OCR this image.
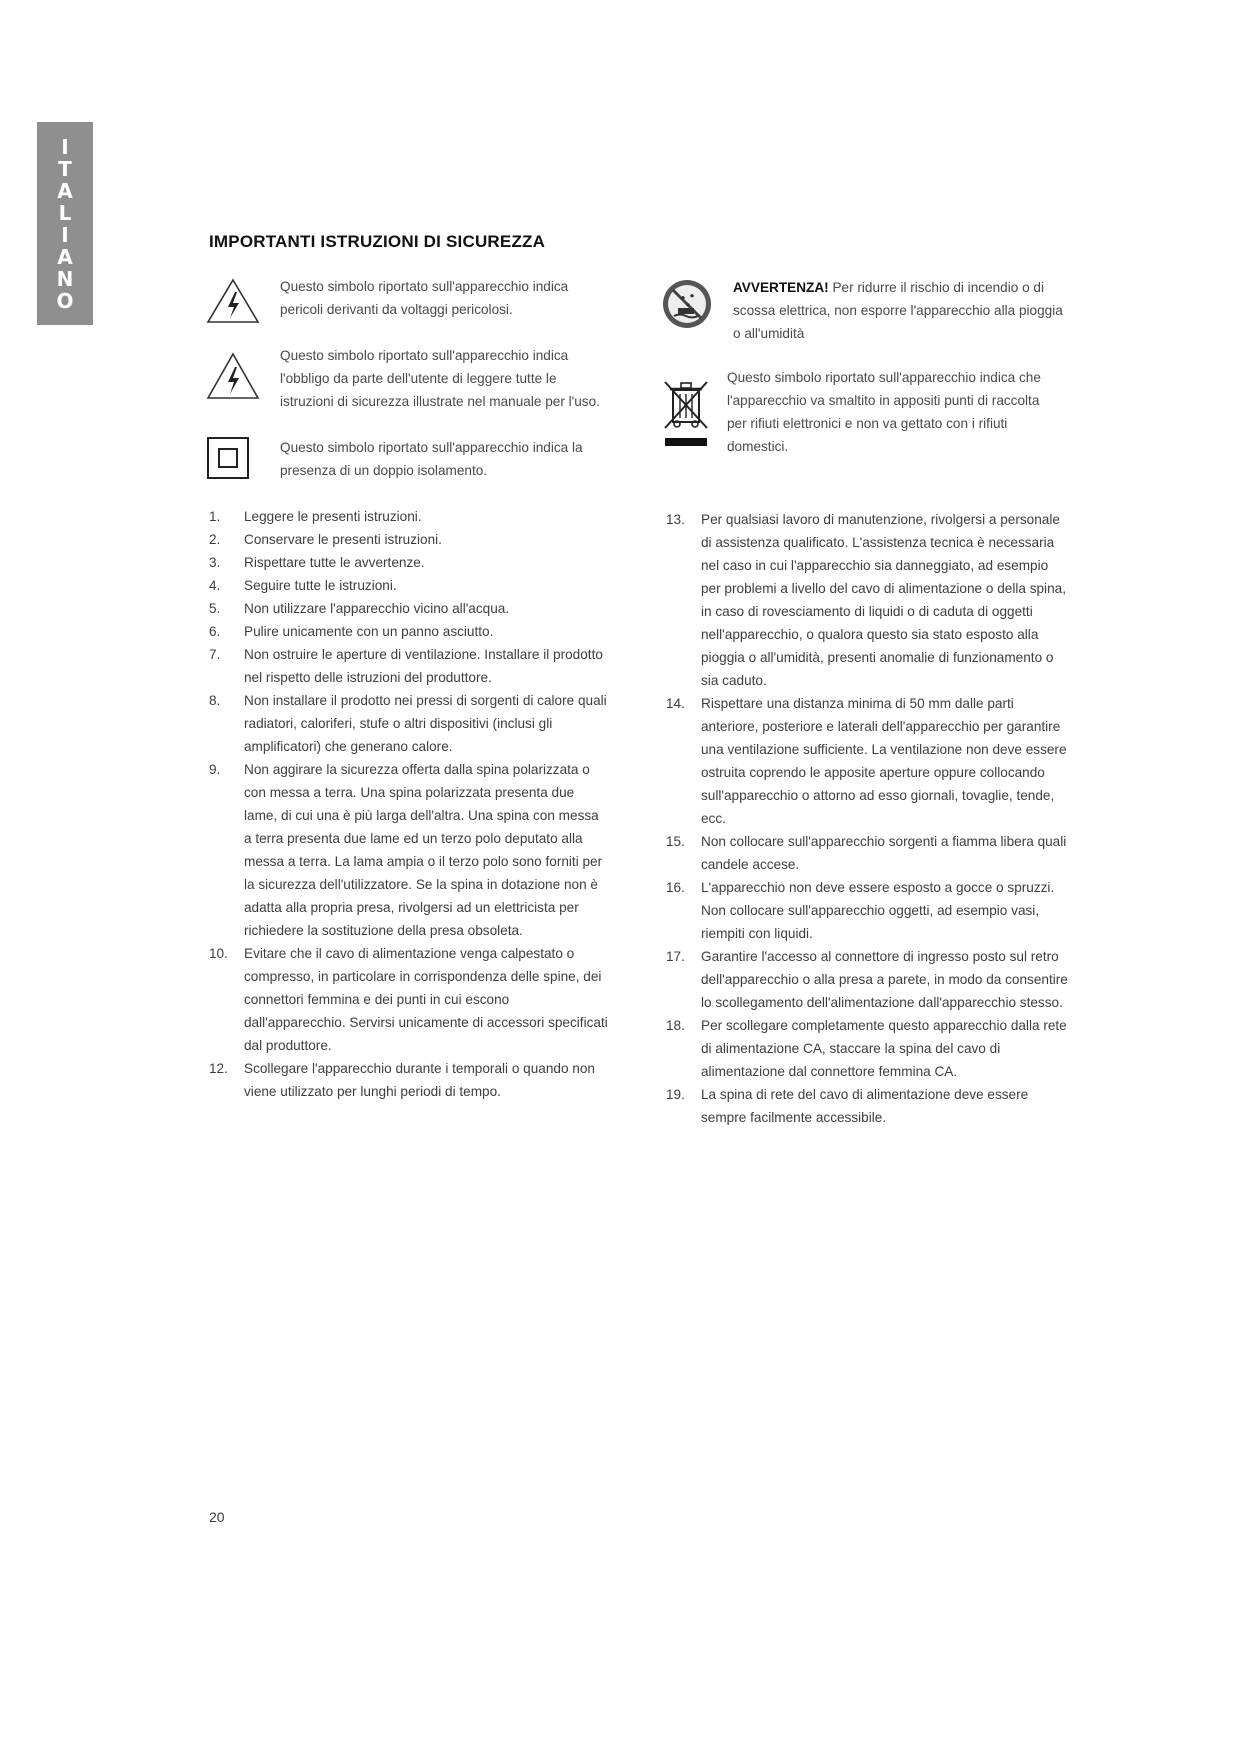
I
T
A
L
I
A
N
O
IMPORTANTI ISTRUZIONI DI SICUREZZA

Questo simbolo riportato sull'apparecchio indica pericoli derivanti da voltaggi pericolosi.

Questo simbolo riportato sull'apparecchio indica l'obbligo da parte dell'utente di leggere tutte le istruzioni di sicurezza illustrate nel manuale per l'uso.

Questo simbolo riportato sull'apparecchio indica la presenza di un doppio isolamento.

AVVERTENZA! Per ridurre il rischio di incendio o di scossa elettrica, non esporre l'apparecchio alla pioggia o all'umidità

Questo simbolo riportato sull'apparecchio indica che l'apparecchio va smaltito in appositi punti di raccolta per rifiuti elettronici e non va gettato con i rifiuti domestici.

1. Leggere le presenti istruzioni.
2. Conservare le presenti istruzioni.
3. Rispettare tutte le avvertenze.
4. Seguire tutte le istruzioni.
5. Non utilizzare l'apparecchio vicino all'acqua.
6. Pulire unicamente con un panno asciutto.
7. Non ostruire le aperture di ventilazione. Installare il prodotto nel rispetto delle istruzioni del produttore.
8. Non installare il prodotto nei pressi di sorgenti di calore quali radiatori, caloriferi, stufe o altri dispositivi (inclusi gli amplificatori) che generano calore.
9. Non aggirare la sicurezza offerta dalla spina polarizzata o con messa a terra. Una spina polarizzata presenta due lame, di cui una è più larga dell'altra. Una spina con messa a terra presenta due lame ed un terzo polo deputato alla messa a terra. La lama ampia o il terzo polo sono forniti per la sicurezza dell'utilizzatore. Se la spina in dotazione non è adatta alla propria presa, rivolgersi ad un elettricista per richiedere la sostituzione della presa obsoleta.
10. Evitare che il cavo di alimentazione venga calpestato o compresso, in particolare in corrispondenza delle spine, dei connettori femmina e dei punti in cui escono dall'apparecchio. Servirsi unicamente di accessori specificati dal produttore.
12. Scollegare l'apparecchio durante i temporali o quando non viene utilizzato per lunghi periodi di tempo.
13. Per qualsiasi lavoro di manutenzione, rivolgersi a personale di assistenza qualificato. L'assistenza tecnica è necessaria nel caso in cui l'apparecchio sia danneggiato, ad esempio per problemi a livello del cavo di alimentazione o della spina, in caso di rovesciamento di liquidi o di caduta di oggetti nell'apparecchio, o qualora questo sia stato esposto alla pioggia o all'umidità, presenti anomalie di funzionamento o sia caduto.
14. Rispettare una distanza minima di 50 mm dalle parti anteriore, posteriore e laterali dell'apparecchio per garantire una ventilazione sufficiente. La ventilazione non deve essere ostruita coprendo le apposite aperture oppure collocando sull'apparecchio o attorno ad esso giornali, tovaglie, tende, ecc.
15. Non collocare sull'apparecchio sorgenti a fiamma libera quali candele accese.
16. L'apparecchio non deve essere esposto a gocce o spruzzi. Non collocare sull'apparecchio oggetti, ad esempio vasi, riempiti con liquidi.
17. Garantire l'accesso al connettore di ingresso posto sul retro dell'apparecchio o alla presa a parete, in modo da consentire lo scollegamento dell'alimentazione dall'apparecchio stesso.
18. Per scollegare completamente questo apparecchio dalla rete di alimentazione CA, staccare la spina del cavo di alimentazione dal connettore femmina CA.
19. La spina di rete del cavo di alimentazione deve essere sempre facilmente accessibile.
20
